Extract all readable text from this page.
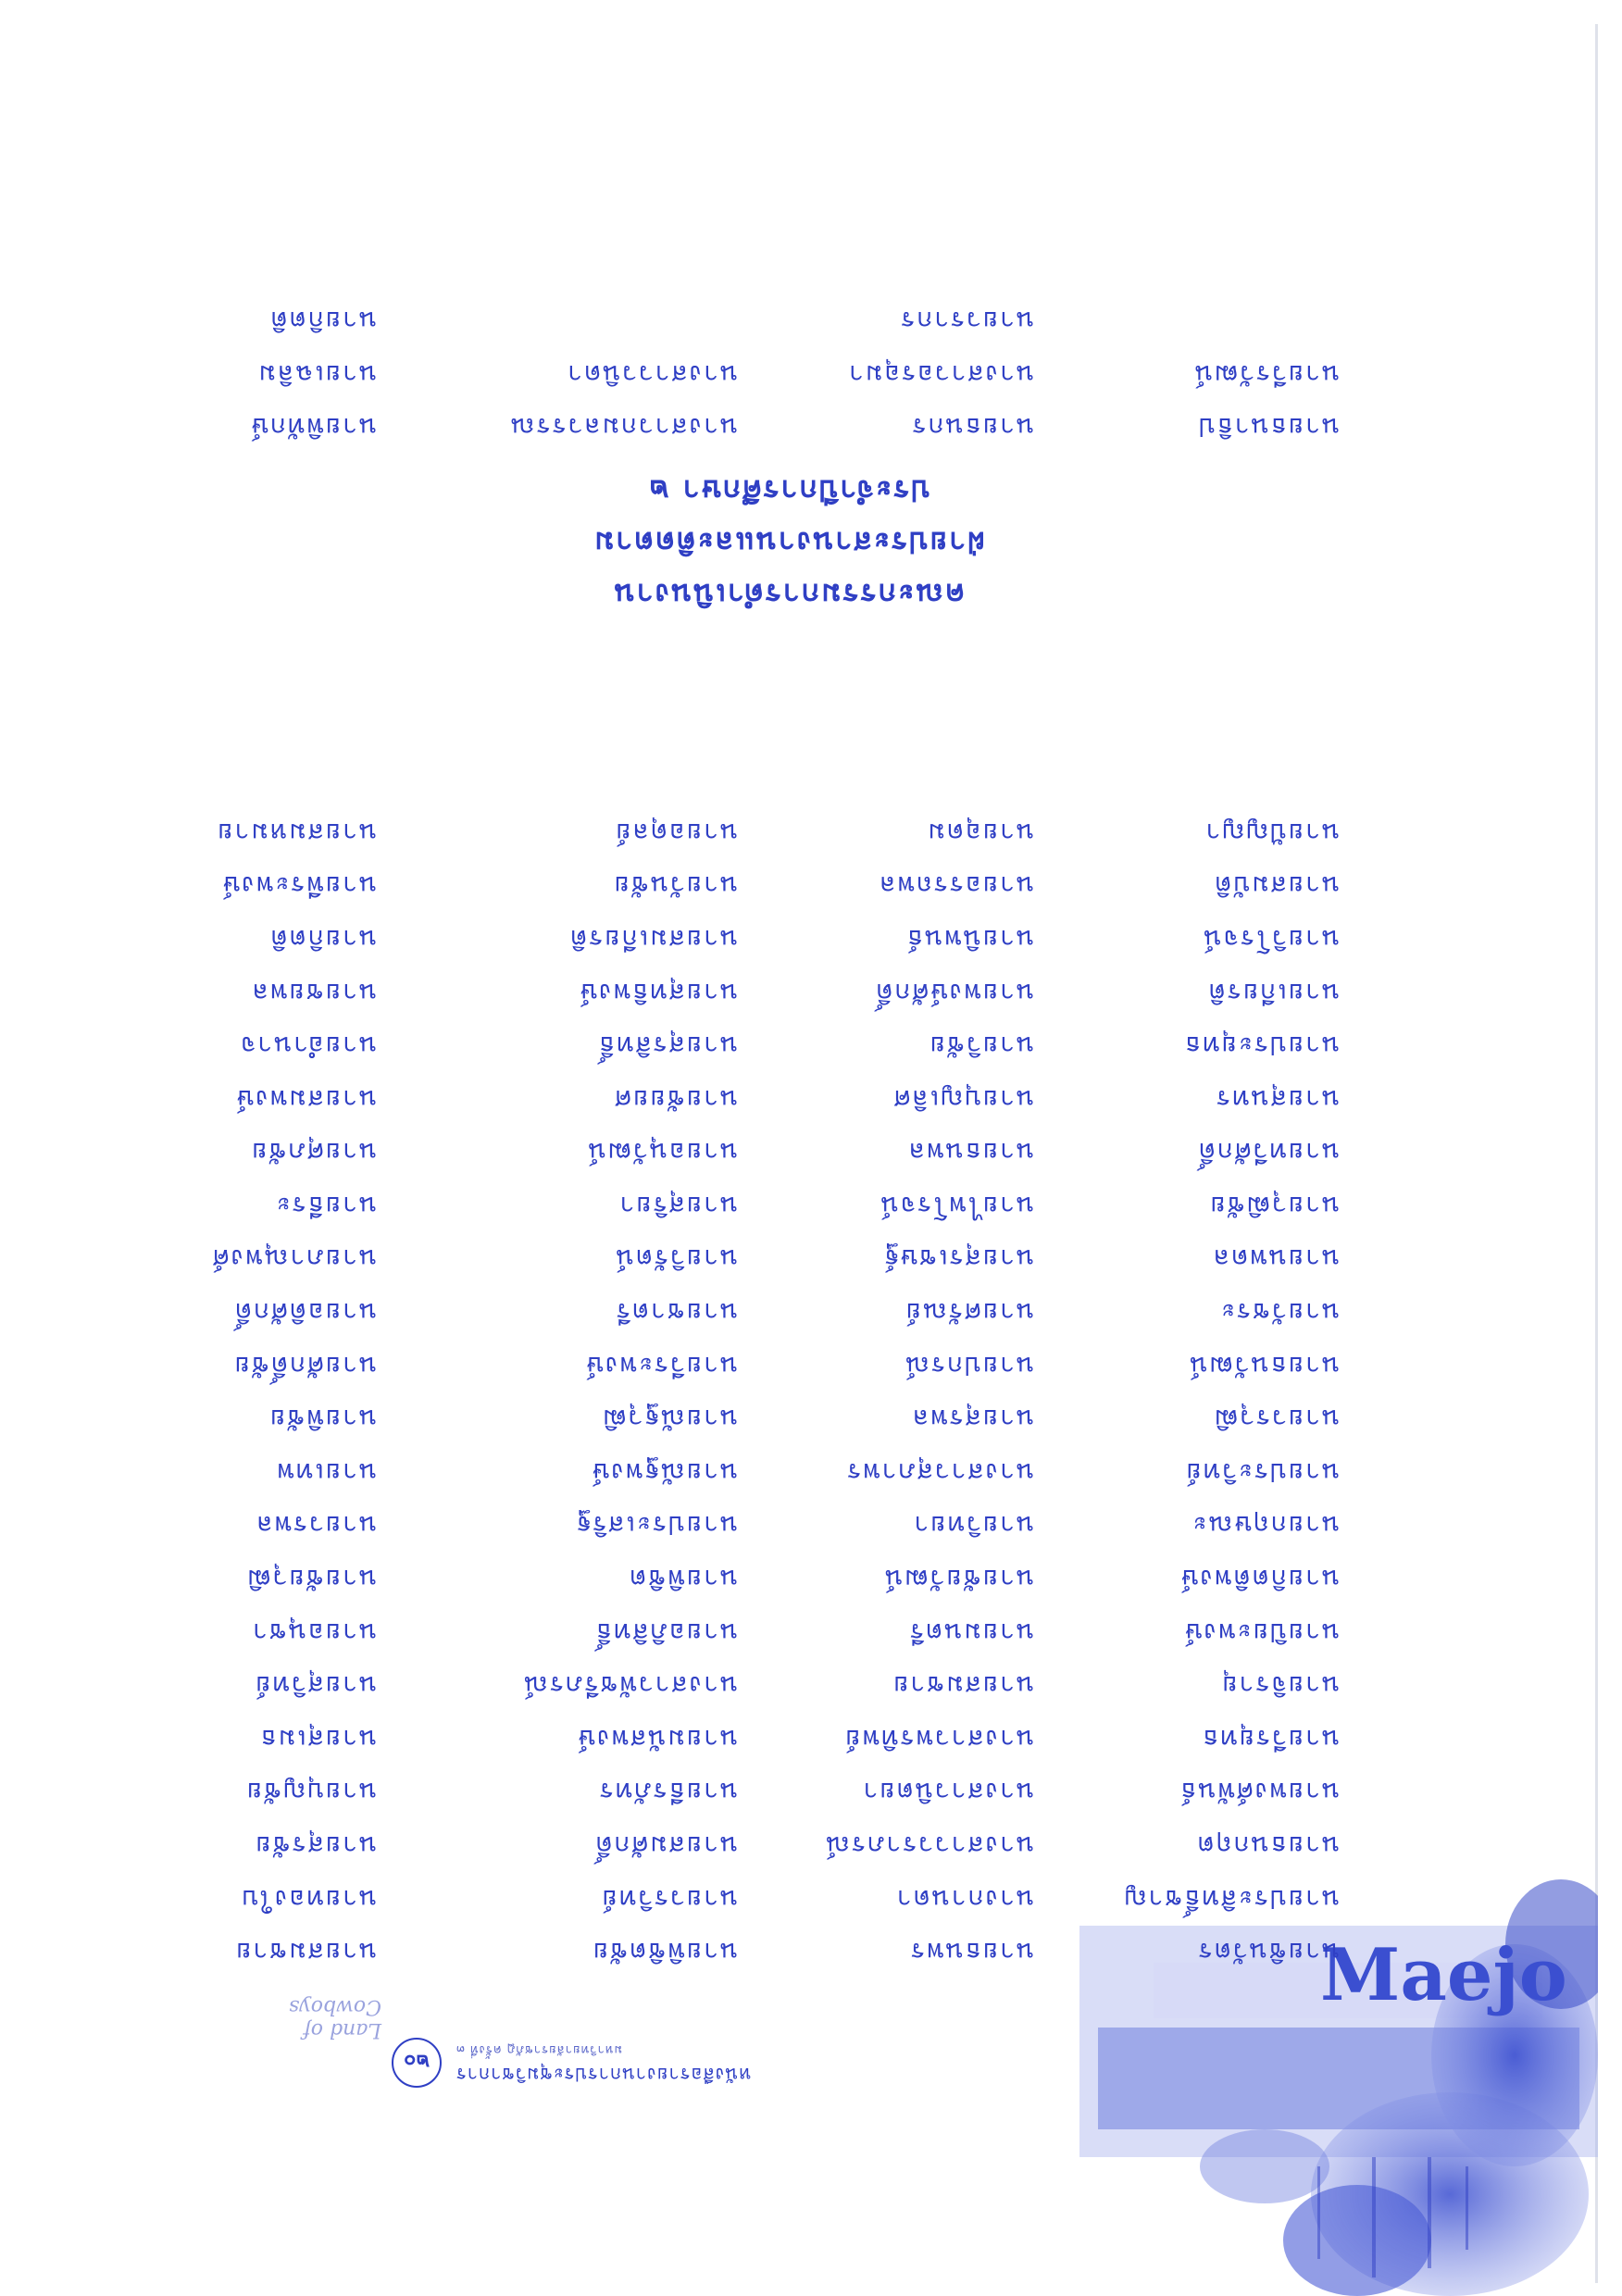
Maejo
๒๐
หนังสือรายงานการประชุมวิชาการ
มหาวิทยาลัยราชภัฏ ครั้งที่ ๓
Land of Cowboys
นายชินวัตร
นายธนพร
นายพิชิตชัย
นายสมชาย
นายประสิทธิ์ชาญ
นางกานดา
นายวรวิทย์
นายทองใบ
นายธนกฤต
นางสาววราภรณ์
นายสมศักดิ์
นายสุรชัย
นายพงศ์พันธ์
นางสาวนิตยา
นายธีรภัทร
นายบุญชัย
นายวีรยุทธ
นางสาวพรทิพย์
นายมนัสพงษ์
นายสุเมธ
นายจิรายุ
นายสมชาย
นางสาวพัชรีภรณ์
นายสุวิทย์
นายปิยะพงษ์
นายมนตรี
นายอภิสิทธิ์
นายอนุชา
นายกิตติพงษ์
นายชัยวัฒน์
นายพิชิต
นายชัยวุฒิ
นายกฤษณะ
นายวิทยา
นายประเสริฐ
นายวรพล
นายประวิทย์
นางสาวสุภาพร
นายณัฐพงษ์
นายเทพ
นายวรวุฒิ
นายสุรพล
นายณัฐวุฒิ
นายพิชัย
นายธนวัฒน์
นายปกรณ์
นายวีระพงษ์
นายศักดิ์ชัย
นายวัชระ
นายศรัณย์
นายชาตรี
นายอดิศักดิ์
นายนพดล
นายสุรเชษฐ์
นายวิรัตน์
นายภาณุพงศ์
นายวุฒิชัย
นายไพโรจน์
นายสุริยา
นายธีระ
นายทวีศักดิ์
นายธนพล
นายอนุวัฒน์
นายศุภชัย
นายสุนทร
นายบุญเลิศ
นายชัยยศ
นายสมพงษ์
นายประยุทธ
นายวิชัย
นายสุรสิทธิ์
นายอำนาจ
นายเกียรติ
นายพงษ์ศักดิ์
นายสุทธิพงษ์
นายชยพล
นายวิโรจน์
นายนิพนธ์
นายสมเกียรติ
นายกิตติ
นายสมบัติ
นายอรรถพล
นายวันชัย
นายพีระพงษ์
นายปัญญา
นายอุดม
นายอดุลย์
นายสมหมาย
คณะกรรมการดำเนินงาน
ฝ่ายประสานงานและติดตาม
ประจำปีการศึกษา ๒
นายธนาธิป
นายธนกร
นางสาวกมลวรรณ
นายพิทักษ์
นายวีรวัฒน์
นางสาวอรอุมา
นางสาววนิดา
นายเฉลิม
นายวรากร
นายกิตติ
